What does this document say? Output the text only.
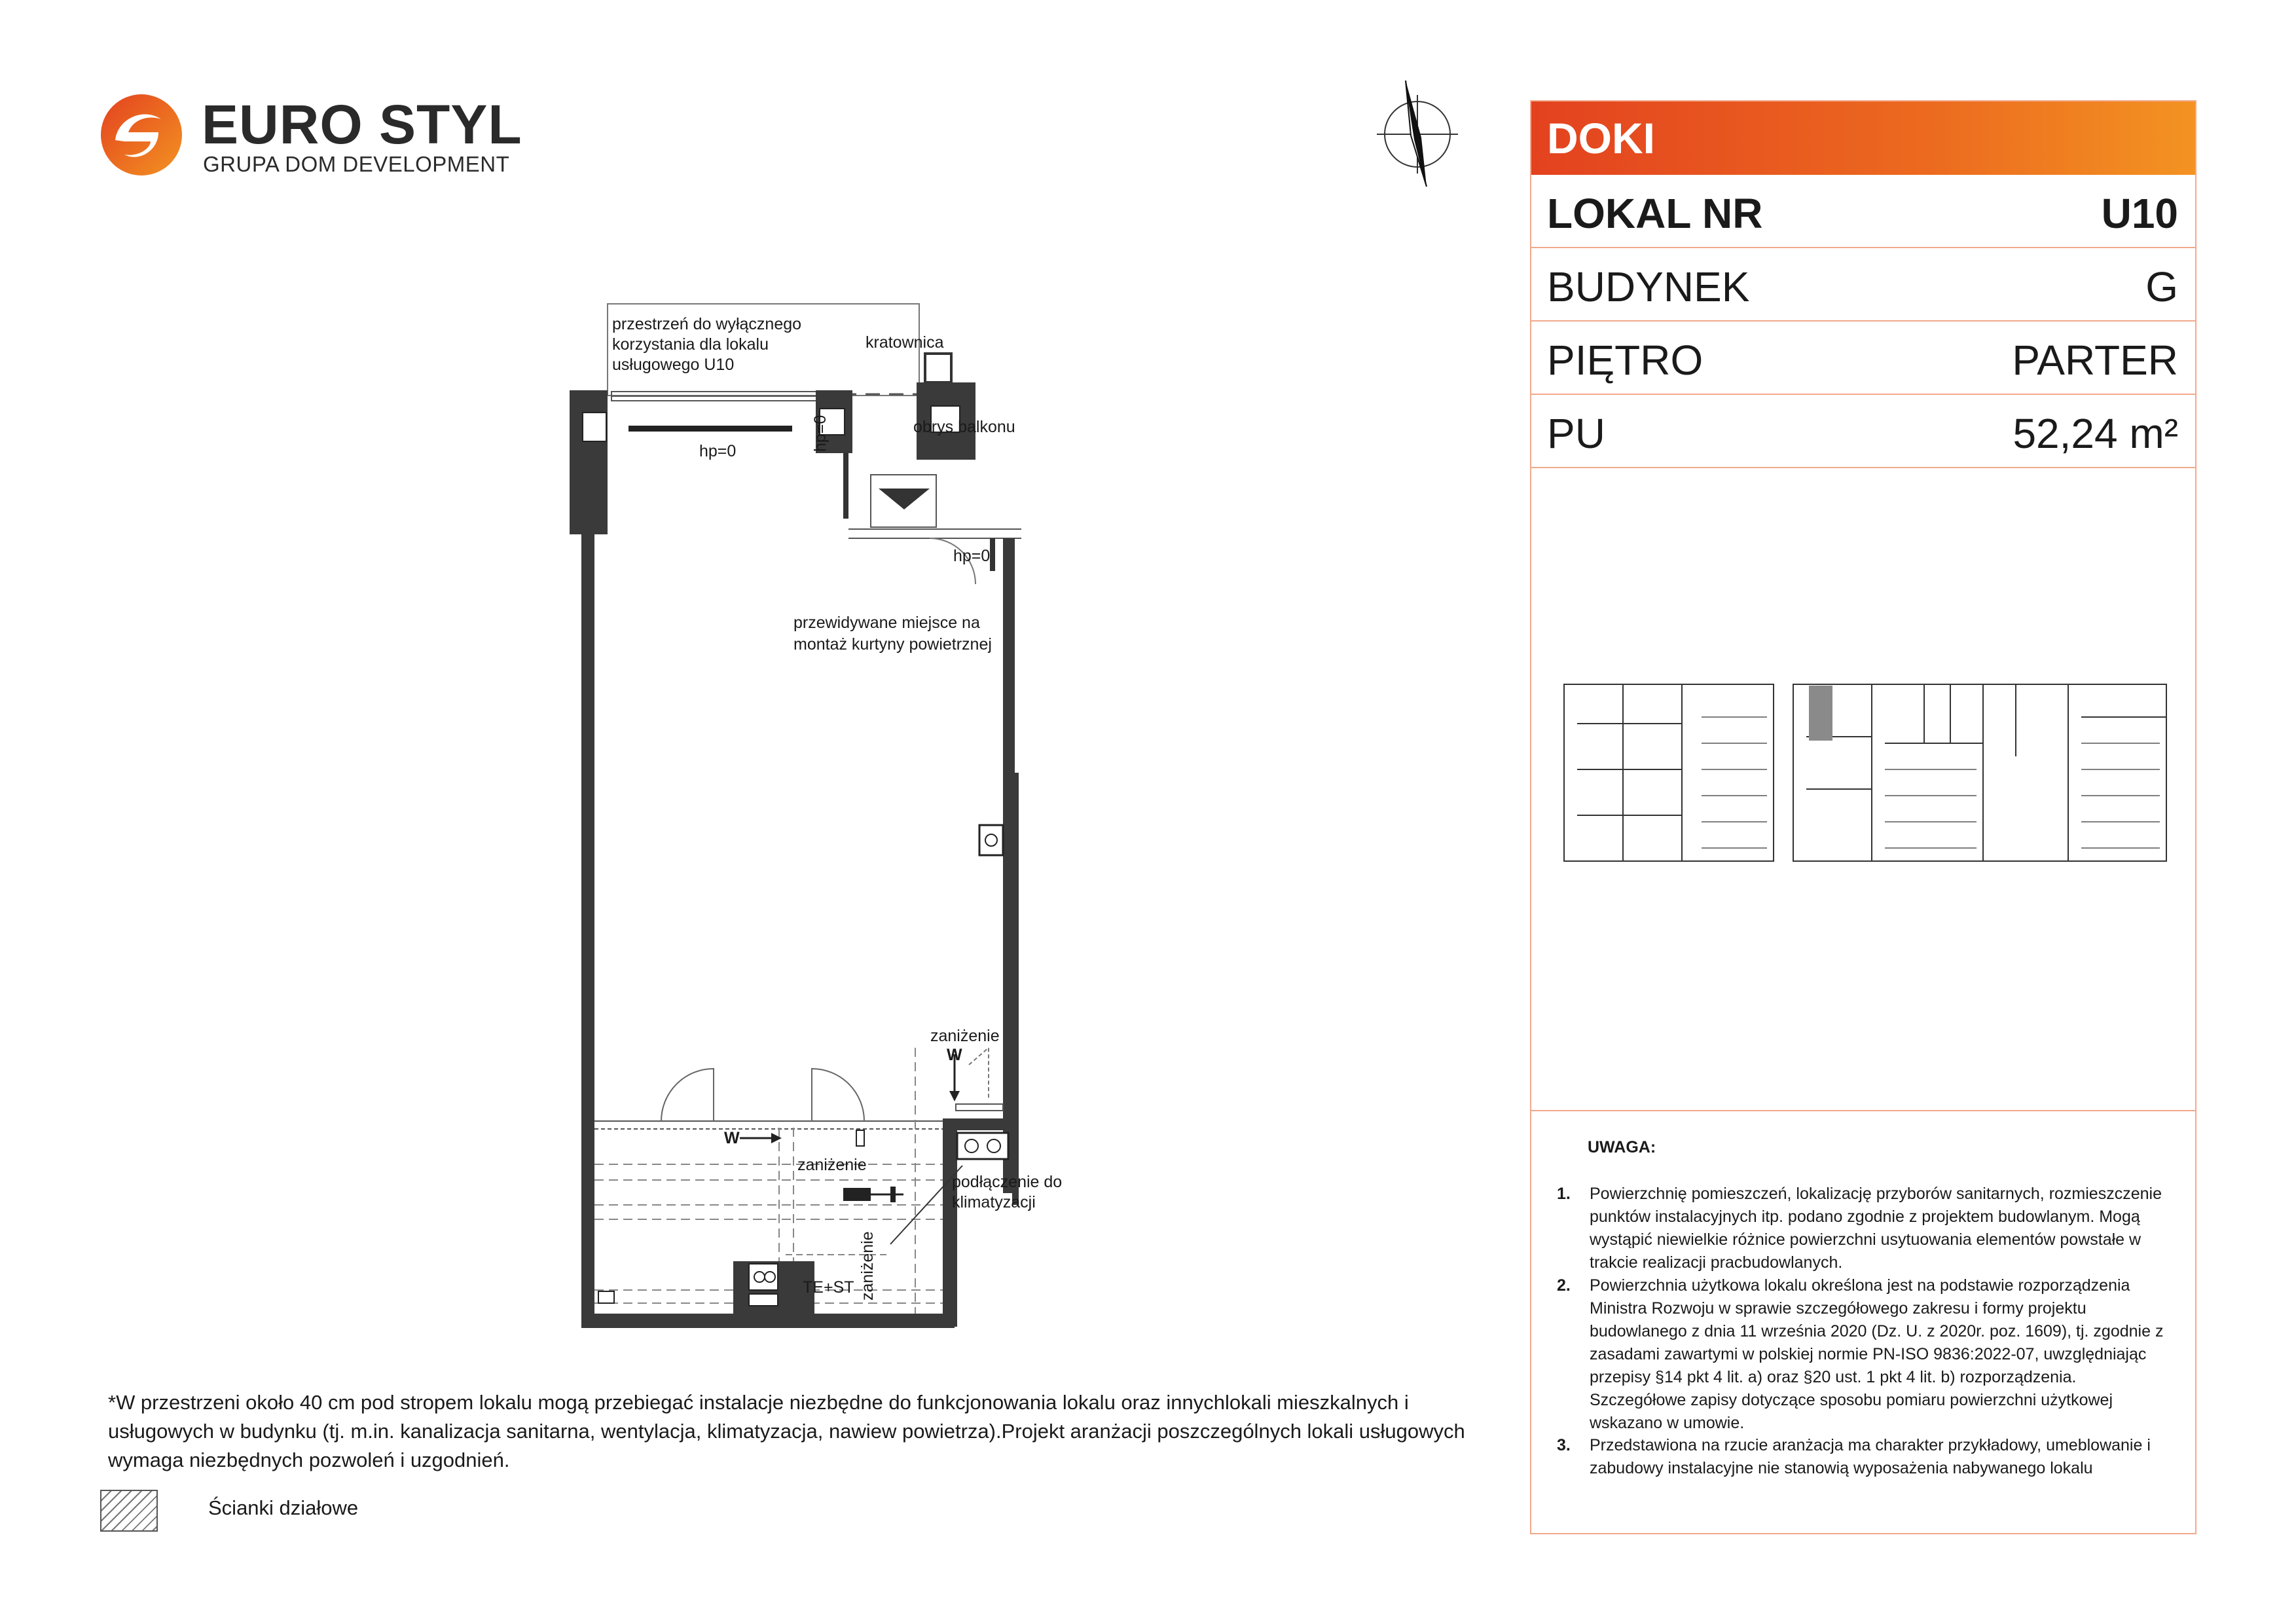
EURO STYL
GRUPA DOM DEVELOPMENT
przestrzeń do wyłącznego korzystania dla lokalu usługowego U10
kratownica
obrys balkonu
hp=0	hp=0
hp=0
przewidywane miejsce na montaż kurtyny powietrznej
zaniżenie
W
W
zaniżenie
podłączenie do klimatyzacji
zaniżenie
TE+ST
DOKI
LOKAL NR	U10
BUDYNEK	G
PIĘTRO	PARTER
PU	52,24 m²
UWAGA:
1. Powierzchnię pomieszczeń, lokalizację przyborów sanitarnych, rozmieszczenie punktów instalacyjnych itp. podano zgodnie z projektem budowlanym. Mogą wystąpić niewielkie różnice powierzchni usytuowania elementów powstałe w trakcie realizacji pracbudowlanych.
2. Powierzchnia użytkowa lokalu określona jest na podstawie rozporządzenia Ministra Rozwoju w sprawie szczegółowego zakresu i formy projektu budowlanego z dnia 11 września 2020 (Dz. U. z 2020r. poz. 1609), tj. zgodnie z zasadami zawartymi w polskiej normie PN-ISO 9836:2022-07, uwzględniając przepisy §14 pkt 4 lit. a) oraz §20 ust. 1 pkt 4 lit. b) rozporządzenia. Szczegółowe zapisy dotyczące sposobu pomiaru powierzchni użytkowej wskazano w umowie.
3. Przedstawiona na rzucie aranżacja ma charakter przykładowy, umeblowanie i zabudowy instalacyjne nie stanowią wyposażenia nabywanego lokalu
*W przestrzeni około 40 cm pod stropem lokalu mogą przebiegać instalacje niezbędne do funkcjonowania lokalu oraz innychlokali mieszkalnych i usługowych w budynku (tj. m.in. kanalizacja sanitarna, wentylacja, klimatyzacja, nawiew powietrza).Projekt aranżacji poszczególnych lokali usługowych wymaga niezbędnych pozwoleń i uzgodnień.
Ścianki działowe
